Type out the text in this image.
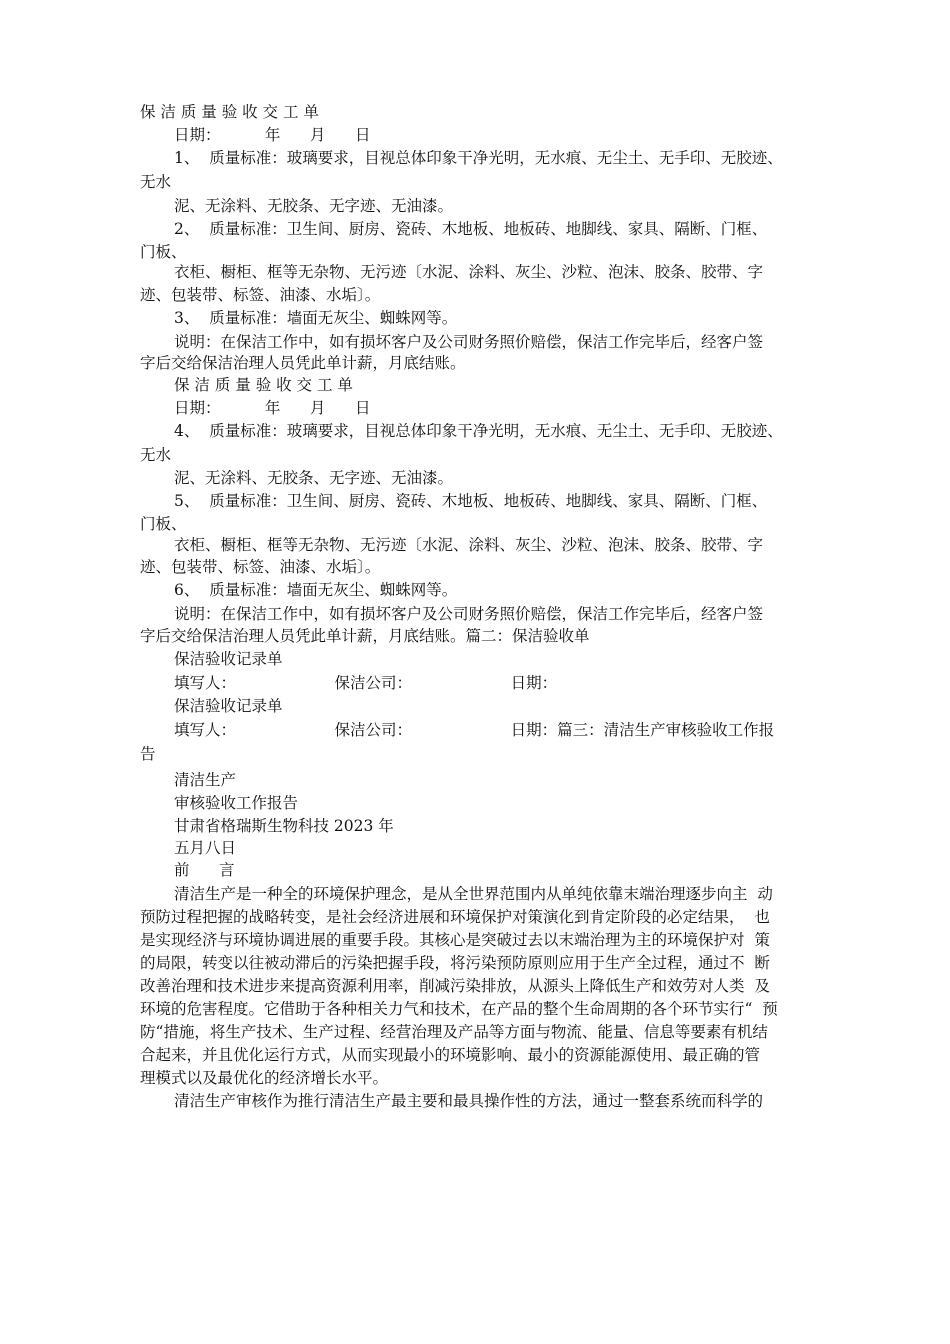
保 洁 质 量 验 收 交 工 单

日期：         年      月      日

1、  质量标准：玻璃要求，目视总体印象干净光明，无水痕、无尘土、无手印、无胶迹、

无水

泥、无涂料、无胶条、无字迹、无油漆。

2、  质量标准：卫生间、厨房、瓷砖、木地板、地板砖、地脚线、家具、隔断、门框、

门板、

衣柜、橱柜、框等无杂物、无污迹〔水泥、涂料、灰尘、沙粒、泡沫、胶条、胶带、字

迹、包装带、标签、油漆、水垢〕。

3、  质量标准：墙面无灰尘、蜘蛛网等。

说明：在保洁工作中，如有损坏客户及公司财务照价赔偿，保洁工作完毕后，经客户签

字后交给保洁治理人员凭此单计薪，月底结账。

保 洁 质 量 验 收 交 工 单

日期：         年      月      日

4、  质量标准：玻璃要求，目视总体印象干净光明，无水痕、无尘土、无手印、无胶迹、

无水

泥、无涂料、无胶条、无字迹、无油漆。

5、  质量标准：卫生间、厨房、瓷砖、木地板、地板砖、地脚线、家具、隔断、门框、

门板、

衣柜、橱柜、框等无杂物、无污迹〔水泥、涂料、灰尘、沙粒、泡沫、胶条、胶带、字

迹、包装带、标签、油漆、水垢〕。

6、  质量标准：墙面无灰尘、蜘蛛网等。

说明：在保洁工作中，如有损坏客户及公司财务照价赔偿，保洁工作完毕后，经客户签

字后交给保洁治理人员凭此单计薪，月底结账。篇二：保洁验收单

保洁验收记录单

填写人：                    保洁公司：                    日期：

保洁验收记录单

填写人：                    保洁公司：                    日期：篇三：清洁生产审核验收工作报

告

清洁生产

审核验收工作报告

甘肃省格瑞斯生物科技 2023 年

五月八日

前      言

清洁生产是一种全的环境保护理念，是从全世界范围内从单纯依靠末端治理逐步向主  动

预防过程把握的战略转变，是社会经济进展和环境保护对策演化到肯定阶段的必定结果，  也

是实现经济与环境协调进展的重要手段。其核心是突破过去以末端治理为主的环境保护对  策

的局限，转变以往被动滞后的污染把握手段，将污染预防原则应用于生产全过程，通过不  断

改善治理和技术进步来提高资源利用率，削减污染排放，从源头上降低生产和效劳对人类  及

环境的危害程度。它借助于各种相关力气和技术，在产品的整个生命周期的各个环节实行“  预

防“措施，将生产技术、生产过程、经营治理及产品等方面与物流、能量、信息等要素有机结

合起来，并且优化运行方式，从而实现最小的环境影响、最小的资源能源使用、最正确的管

理模式以及最优化的经济增长水平。

清洁生产审核作为推行清洁生产最主要和最具操作性的方法，通过一整套系统而科学的
